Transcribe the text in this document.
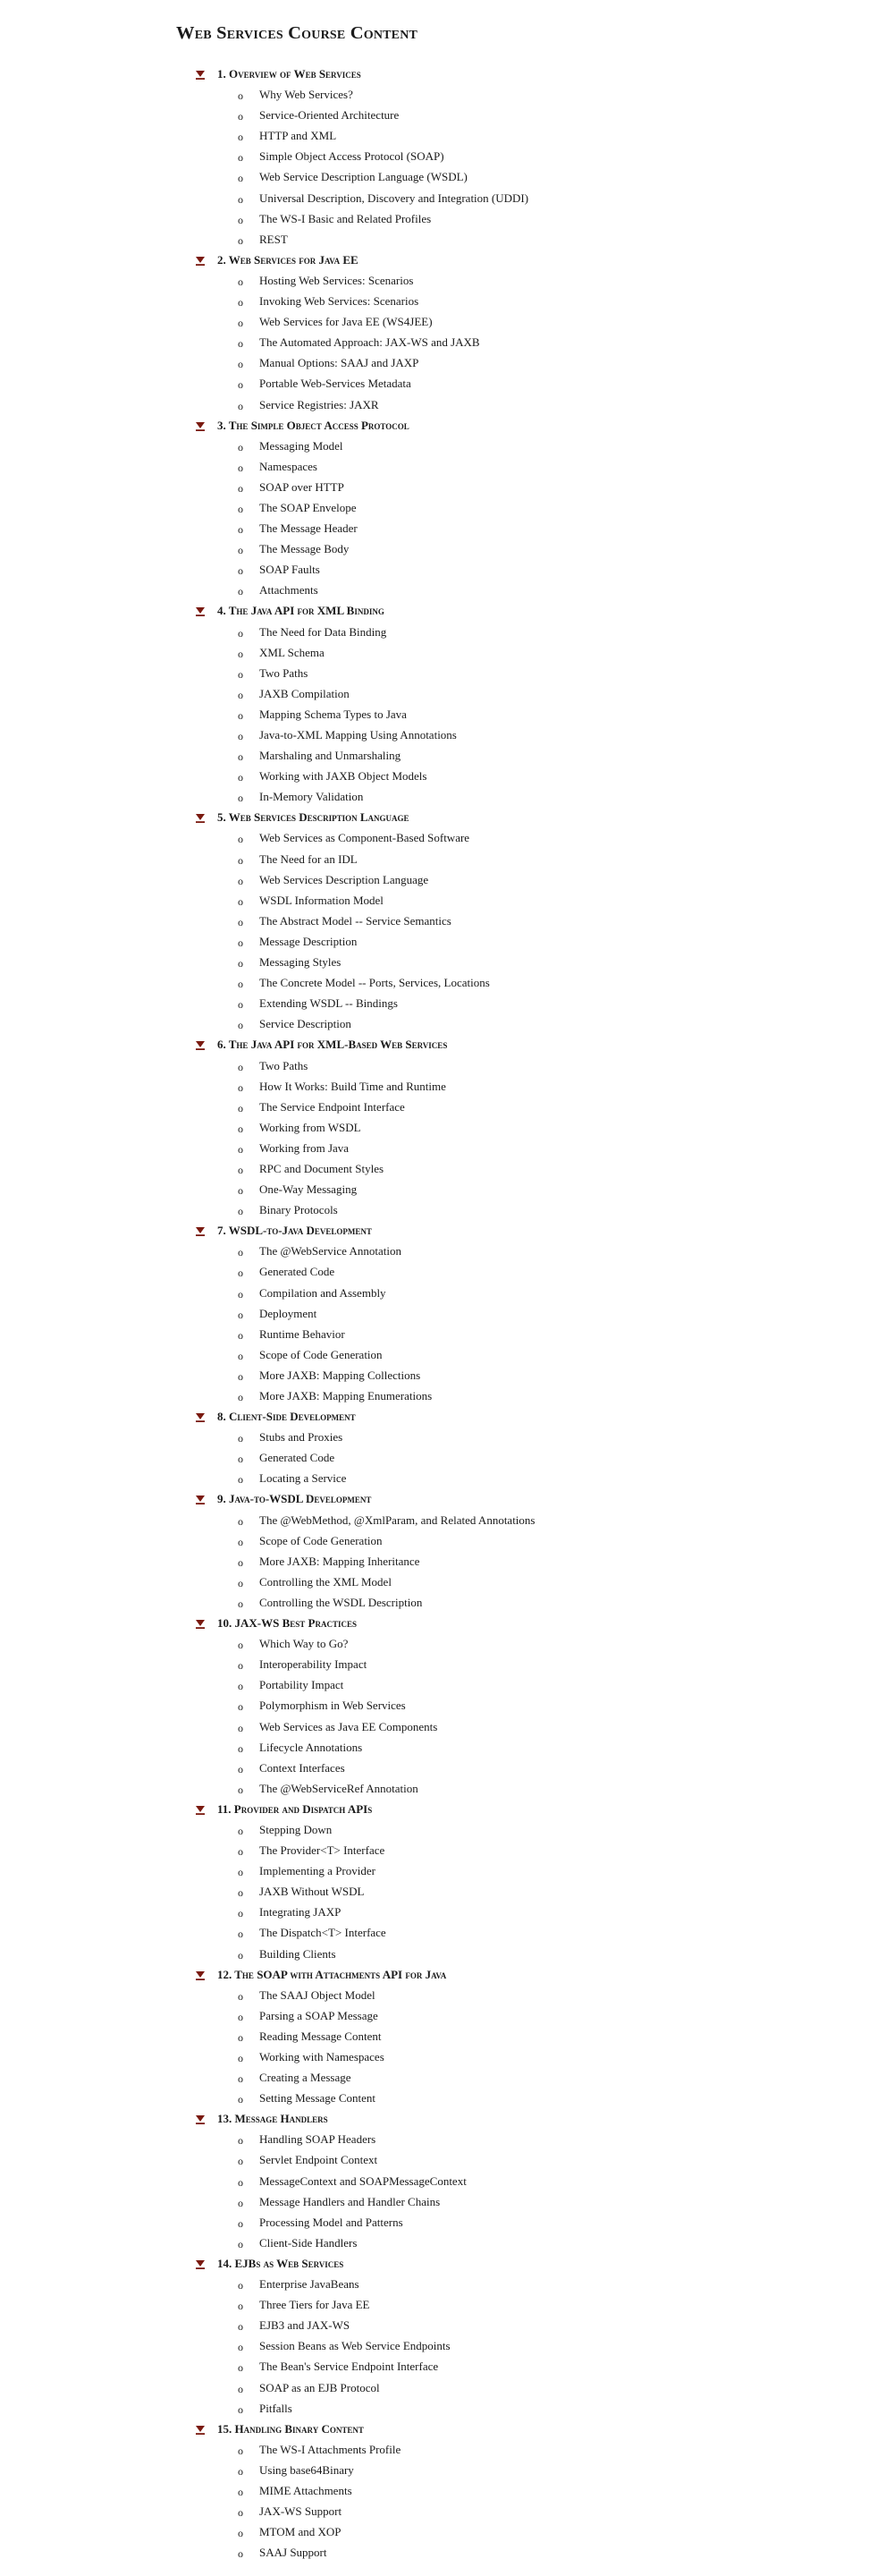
Web Services Course Content
1. Overview of Web Services
o Why Web Services?
o Service-Oriented Architecture
o HTTP and XML
o Simple Object Access Protocol (SOAP)
o Web Service Description Language (WSDL)
o Universal Description, Discovery and Integration (UDDI)
o The WS-I Basic and Related Profiles
o REST
2. Web Services for Java EE
o Hosting Web Services: Scenarios
o Invoking Web Services: Scenarios
o Web Services for Java EE (WS4JEE)
o The Automated Approach: JAX-WS and JAXB
o Manual Options: SAAJ and JAXP
o Portable Web-Services Metadata
o Service Registries: JAXR
3. The Simple Object Access Protocol
o Messaging Model
o Namespaces
o SOAP over HTTP
o The SOAP Envelope
o The Message Header
o The Message Body
o SOAP Faults
o Attachments
4. The Java API for XML Binding
o The Need for Data Binding
o XML Schema
o Two Paths
o JAXB Compilation
o Mapping Schema Types to Java
o Java-to-XML Mapping Using Annotations
o Marshaling and Unmarshaling
o Working with JAXB Object Models
o In-Memory Validation
5. Web Services Description Language
o Web Services as Component-Based Software
o The Need for an IDL
o Web Services Description Language
o WSDL Information Model
o The Abstract Model -- Service Semantics
o Message Description
o Messaging Styles
o The Concrete Model -- Ports, Services, Locations
o Extending WSDL -- Bindings
o Service Description
6. The Java API for XML-Based Web Services
o Two Paths
o How It Works: Build Time and Runtime
o The Service Endpoint Interface
o Working from WSDL
o Working from Java
o RPC and Document Styles
o One-Way Messaging
o Binary Protocols
7. WSDL-to-Java Development
o The @WebService Annotation
o Generated Code
o Compilation and Assembly
o Deployment
o Runtime Behavior
o Scope of Code Generation
o More JAXB: Mapping Collections
o More JAXB: Mapping Enumerations
8. Client-Side Development
o Stubs and Proxies
o Generated Code
o Locating a Service
9. Java-to-WSDL Development
o The @WebMethod, @XmlParam, and Related Annotations
o Scope of Code Generation
o More JAXB: Mapping Inheritance
o Controlling the XML Model
o Controlling the WSDL Description
10. JAX-WS Best Practices
o Which Way to Go?
o Interoperability Impact
o Portability Impact
o Polymorphism in Web Services
o Web Services as Java EE Components
o Lifecycle Annotations
o Context Interfaces
o The @WebServiceRef Annotation
11. Provider and Dispatch APIs
o Stepping Down
o The Provider<T> Interface
o Implementing a Provider
o JAXB Without WSDL
o Integrating JAXP
o The Dispatch<T> Interface
o Building Clients
12. The SOAP with Attachments API for Java
o The SAAJ Object Model
o Parsing a SOAP Message
o Reading Message Content
o Working with Namespaces
o Creating a Message
o Setting Message Content
13. Message Handlers
o Handling SOAP Headers
o Servlet Endpoint Context
o MessageContext and SOAPMessageContext
o Message Handlers and Handler Chains
o Processing Model and Patterns
o Client-Side Handlers
14. EJBs as Web Services
o Enterprise JavaBeans
o Three Tiers for Java EE
o EJB3 and JAX-WS
o Session Beans as Web Service Endpoints
o The Bean's Service Endpoint Interface
o SOAP as an EJB Protocol
o Pitfalls
15. Handling Binary Content
o The WS-I Attachments Profile
o Using base64Binary
o MIME Attachments
o JAX-WS Support
o MTOM and XOP
o SAAJ Support
